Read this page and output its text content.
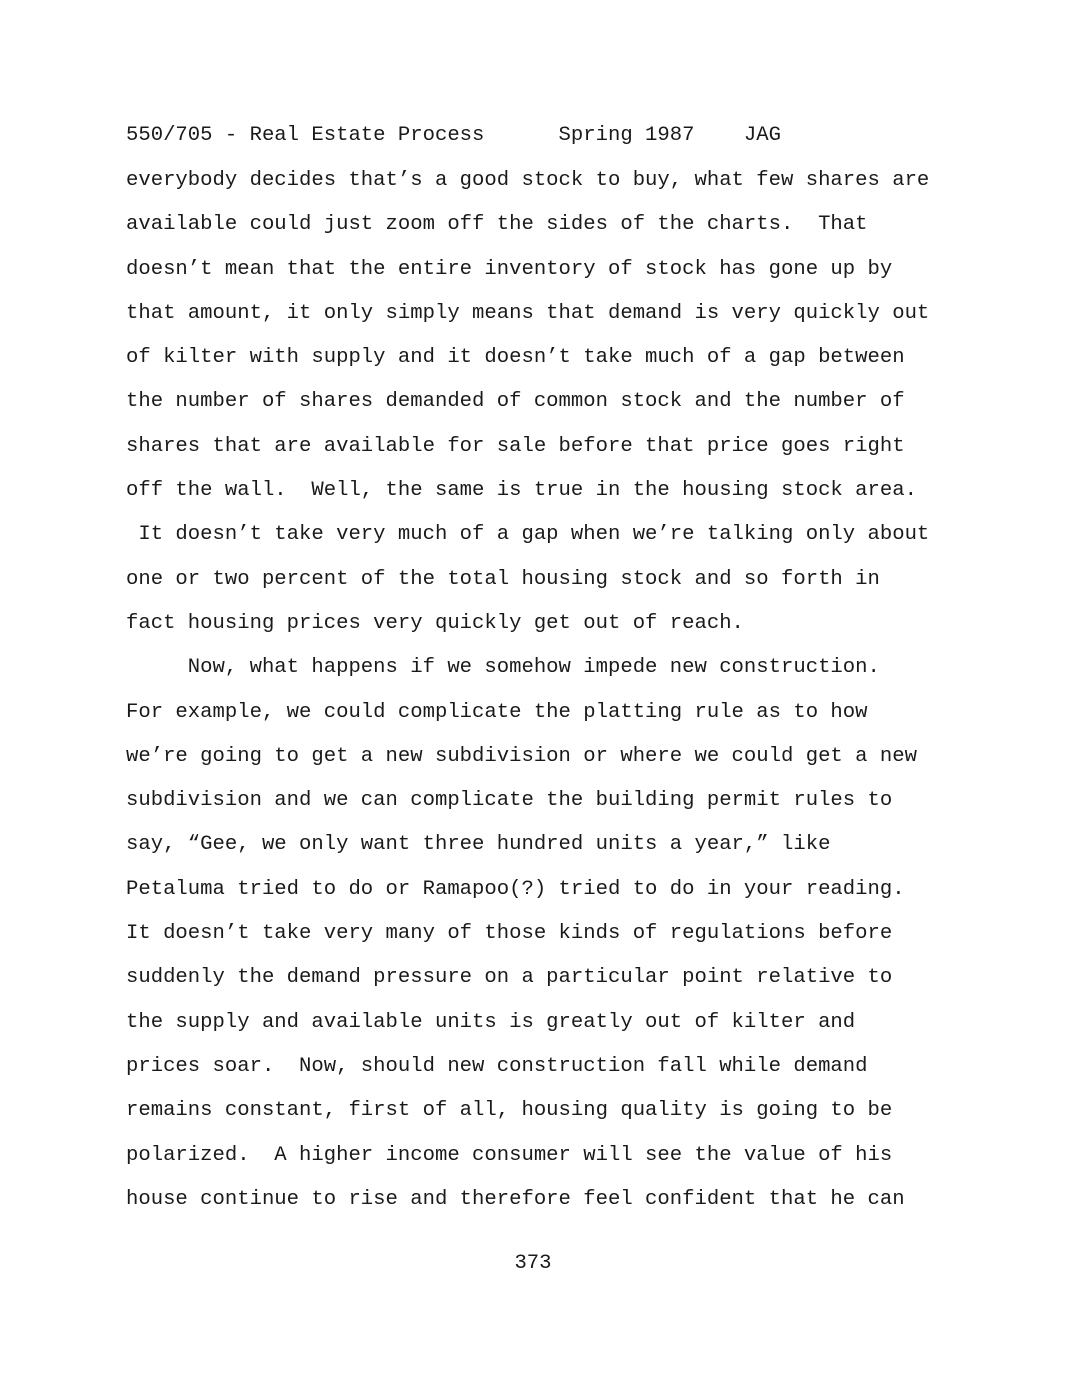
550/705 - Real Estate Process      Spring 1987    JAG
everybody decides that’s a good stock to buy, what few shares are
available could just zoom off the sides of the charts.  That
doesn’t mean that the entire inventory of stock has gone up by
that amount, it only simply means that demand is very quickly out
of kilter with supply and it doesn’t take much of a gap between
the number of shares demanded of common stock and the number of
shares that are available for sale before that price goes right
off the wall.  Well, the same is true in the housing stock area.
It doesn’t take very much of a gap when we’re talking only about
one or two percent of the total housing stock and so forth in
fact housing prices very quickly get out of reach.
Now, what happens if we somehow impede new construction.
For example, we could complicate the platting rule as to how
we’re going to get a new subdivision or where we could get a new
subdivision and we can complicate the building permit rules to
say, “Gee, we only want three hundred units a year,” like
Petaluma tried to do or Ramapoo(?) tried to do in your reading.
It doesn’t take very many of those kinds of regulations before
suddenly the demand pressure on a particular point relative to
the supply and available units is greatly out of kilter and
prices soar.  Now, should new construction fall while demand
remains constant, first of all, housing quality is going to be
polarized.  A higher income consumer will see the value of his
house continue to rise and therefore feel confident that he can
373
